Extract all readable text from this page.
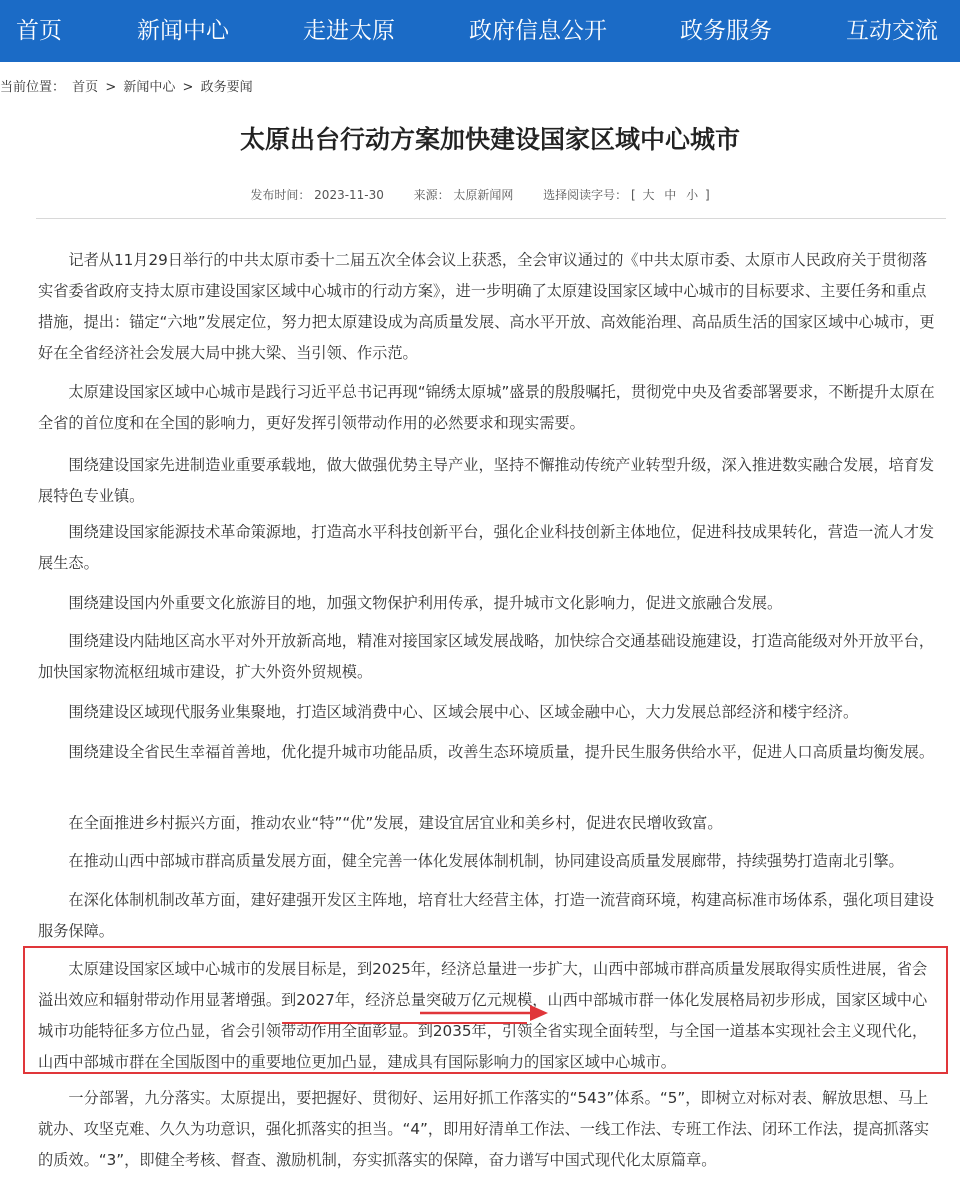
首页	新闻中心	走进太原	政府信息公开	政务服务	互动交流
当前位置： 首页 > 新闻中心 > 政务要闻
太原出台行动方案加快建设国家区域中心城市
发布时间： 2023-11-30 来源： 太原新闻网 选择阅读字号： [ 大 中 小 ]

记者从11月29日举行的中共太原市委十二届五次全体会议上获悉，全会审议通过的《中共太原市委、太原市人民政府关于贯彻落实省委省政府支持太原市建设国家区域中心城市的行动方案》，进一步明确了太原建设国家区域中心城市的目标要求、主要任务和重点措施，提出：锚定“六地”发展定位，努力把太原建设成为高质量发展、高水平开放、高效能治理、高品质生活的国家区域中心城市，更好在全省经济社会发展大局中挑大梁、当引领、作示范。

太原建设国家区域中心城市是践行习近平总书记再现“锦绣太原城”盛景的殷殷嘱托，贯彻党中央及省委部署要求，不断提升太原在全省的首位度和在全国的影响力，更好发挥引领带动作用的必然要求和现实需要。

围绕建设国家先进制造业重要承载地，做大做强优势主导产业，坚持不懈推动传统产业转型升级，深入推进数实融合发展，培育发展特色专业镇。

围绕建设国家能源技术革命策源地，打造高水平科技创新平台，强化企业科技创新主体地位，促进科技成果转化，营造一流人才发展生态。

围绕建设国内外重要文化旅游目的地，加强文物保护利用传承，提升城市文化影响力，促进文旅融合发展。

围绕建设内陆地区高水平对外开放新高地，精准对接国家区域发展战略，加快综合交通基础设施建设，打造高能级对外开放平台，加快国家物流枢纽城市建设，扩大外资外贸规模。

围绕建设区域现代服务业集聚地，打造区域消费中心、区域会展中心、区域金融中心，大力发展总部经济和楼宇经济。

围绕建设全省民生幸福首善地，优化提升城市功能品质，改善生态环境质量，提升民生服务供给水平，促进人口高质量均衡发展。

在全面推进乡村振兴方面，推动农业“特”“优”发展，建设宜居宜业和美乡村，促进农民增收致富。

在推动山西中部城市群高质量发展方面，健全完善一体化发展体制机制，协同建设高质量发展廊带，持续强势打造南北引擎。

在深化体制机制改革方面，建好建强开发区主阵地，培育壮大经营主体，打造一流营商环境，构建高标准市场体系，强化项目建设服务保障。

太原建设国家区域中心城市的发展目标是，到2025年，经济总量进一步扩大，山西中部城市群高质量发展取得实质性进展，省会溢出效应和辐射带动作用显著增强。到2027年，经济总量突破万亿元规模，山西中部城市群一体化发展格局初步形成，国家区域中心城市功能特征多方位凸显，省会引领带动作用全面彰显。到2035年，引领全省实现全面转型，与全国一道基本实现社会主义现代化，山西中部城市群在全国版图中的重要地位更加凸显，建成具有国际影响力的国家区域中心城市。

一分部署，九分落实。太原提出，要把握好、贯彻好、运用好抓工作落实的“543”体系。“5”，即树立对标对表、解放思想、马上就办、攻坚克难、久久为功意识，强化抓落实的担当。“4”，即用好清单工作法、一线工作法、专班工作法、闭环工作法，提高抓落实的质效。“3”，即健全考核、督查、激励机制，夯实抓落实的保障，奋力谱写中国式现代化太原篇章。
